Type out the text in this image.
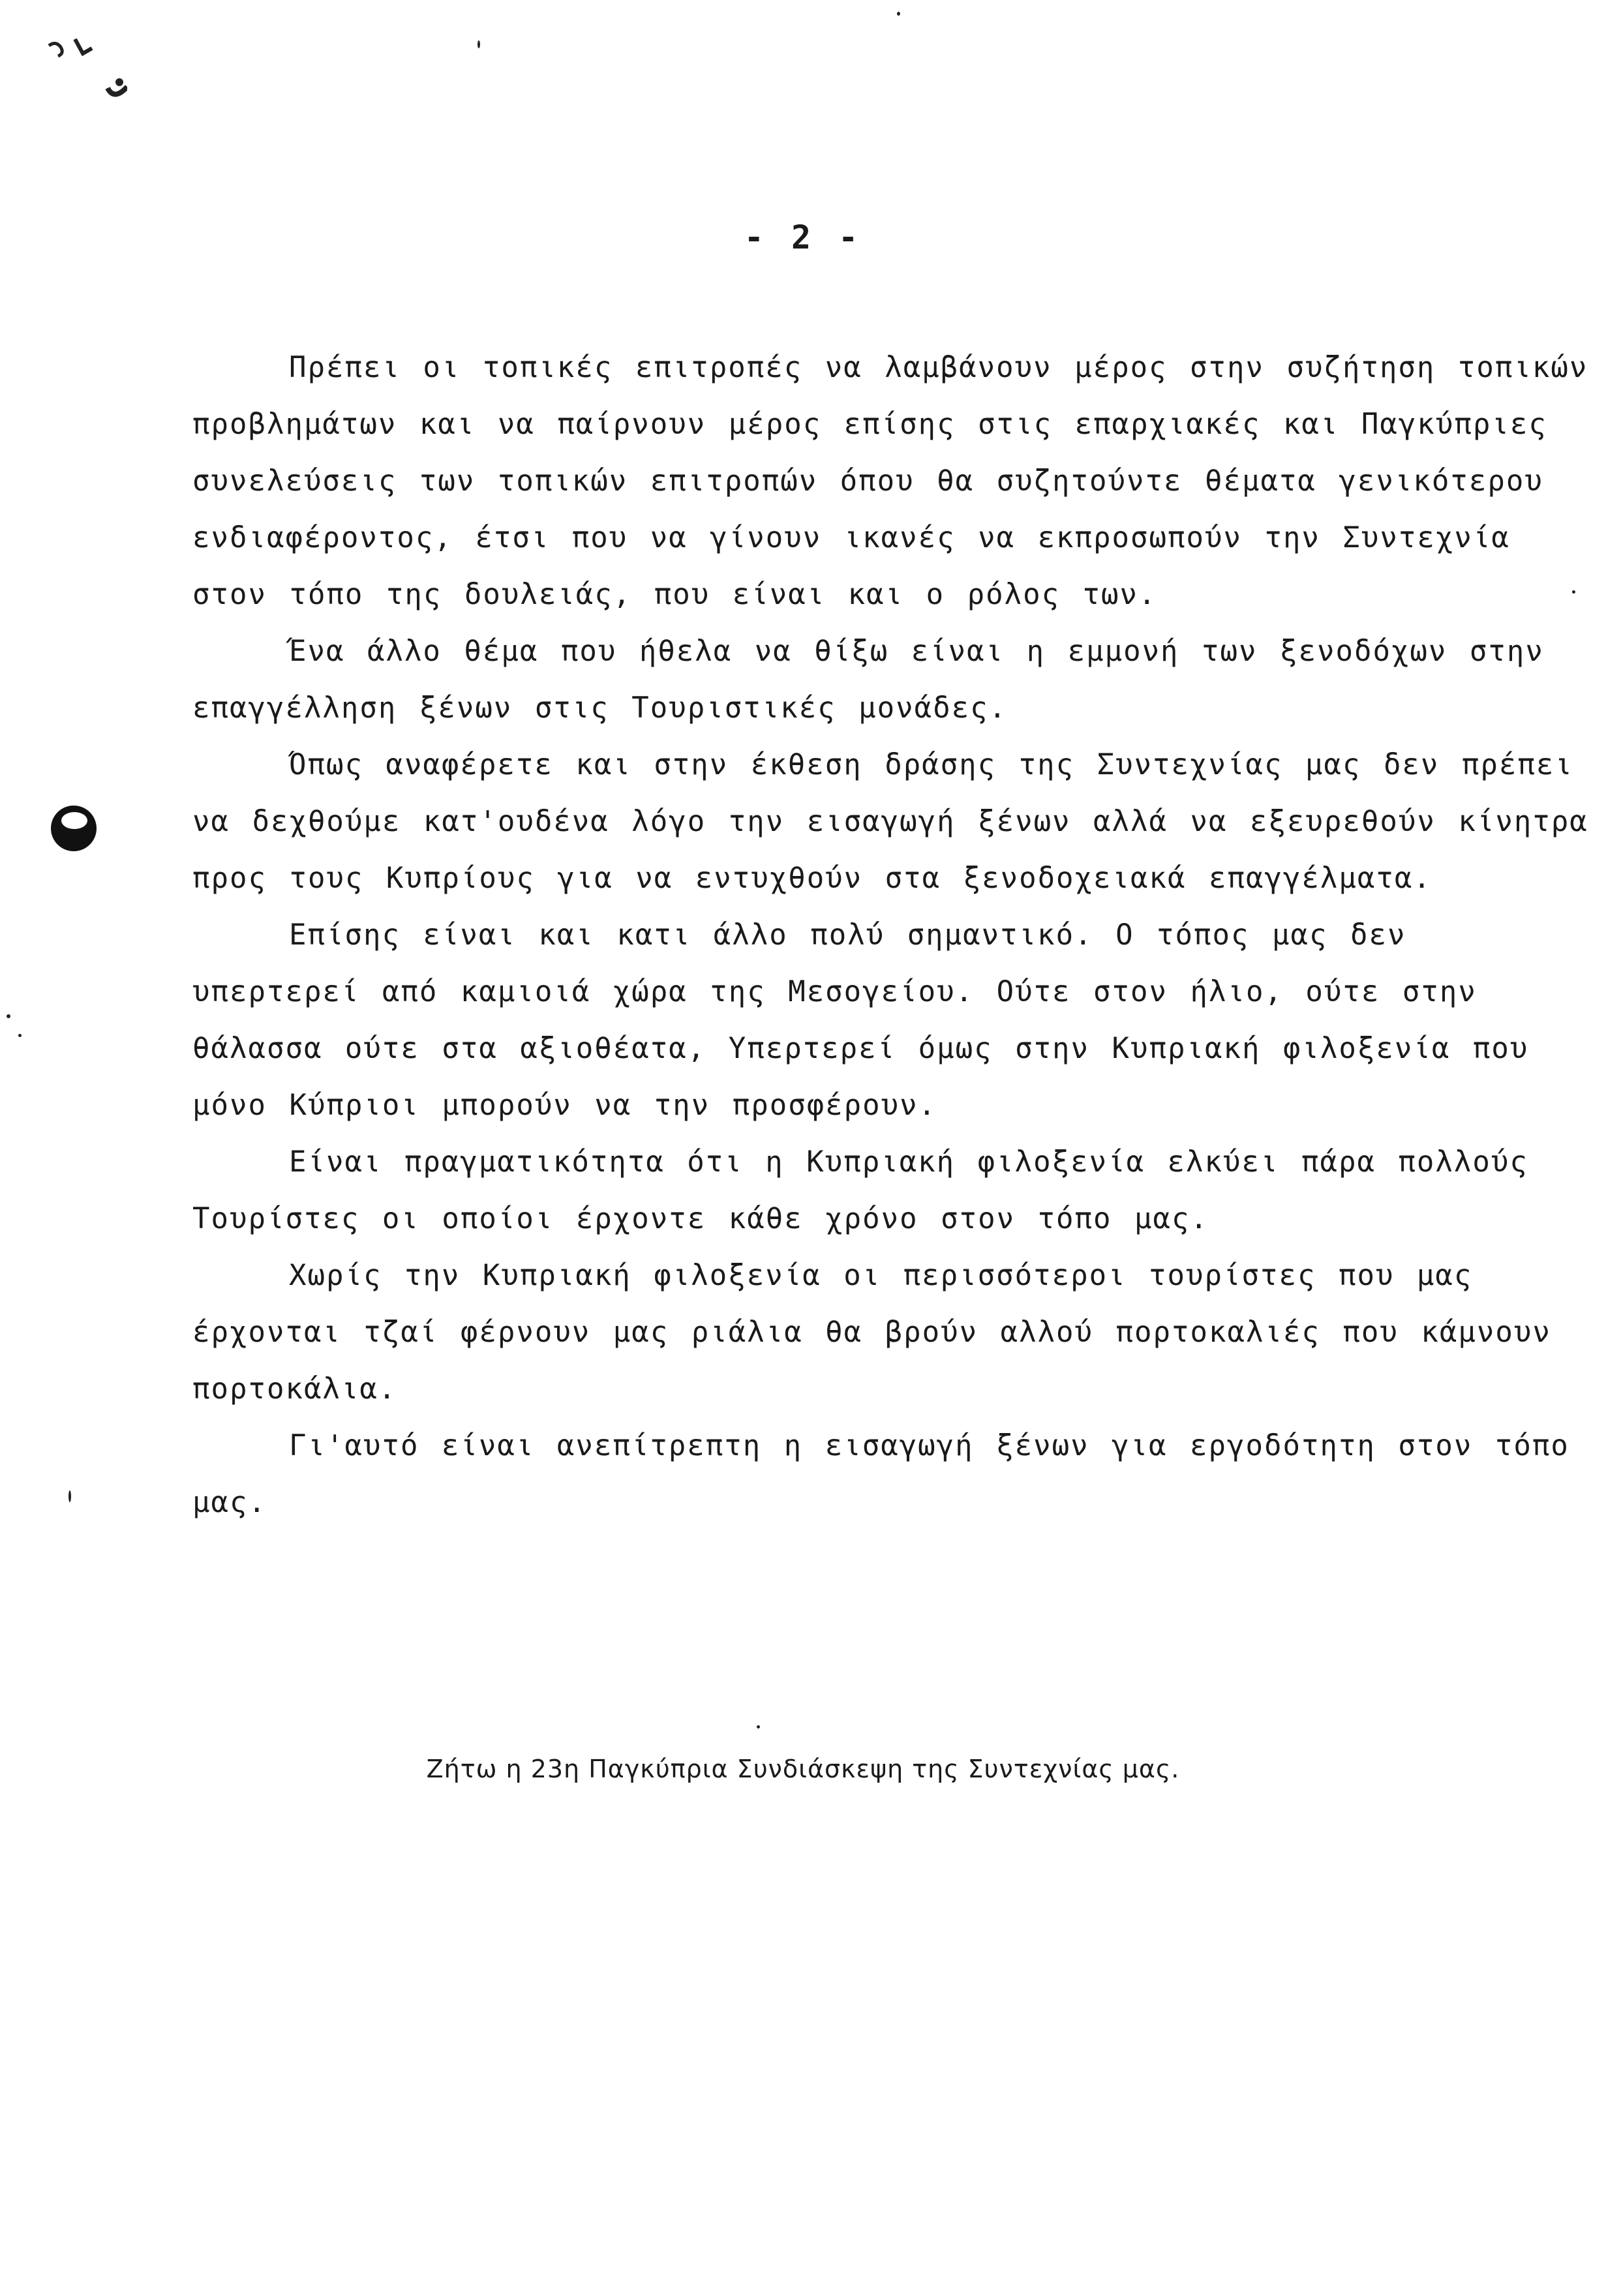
- 2 -

Πρέπει οι τοπικές επιτροπές να λαμβάνουν μέρος στην συζήτηση τοπικών προβλημάτων και να παίρνουν μέρος επίσης στις επαρχιακές και Παγκύπριες συνελεύσεις των τοπικών επιτροπών όπου θα συζητούντε θέματα γενικότερου ενδιαφέροντος, έτσι που να γίνουν ικανές να εκπροσωπούν την Συντεχνία στον τόπο της δουλειάς, που είναι και ο ρόλος των.

Ένα άλλο θέμα που ήθελα να θίξω είναι η εμμονή των ξενοδόχων στην επαγγέλληση ξένων στις Τουριστικές μονάδες.

Όπως αναφέρετε και στην έκθεση δράσης της Συντεχνίας μας δεν πρέπει να δεχθούμε κατ'ουδένα λόγο την εισαγωγή ξένων αλλά να εξευρεθούν κίνητρα προς τους Κυπρίους για να εντυχθούν στα ξενοδοχειακά επαγγέλματα.

Επίσης είναι και κατι άλλο πολύ σημαντικό. Ο τόπος μας δεν υπερτερεί από καμιοιά χώρα της Μεσογείου. Ούτε στον ήλιο, ούτε στην θάλασσα ούτε στα αξιοθέατα, Υπερτερεί όμως στην Κυπριακή φιλοξενία που μόνο Κύπριοι μπορούν να την προσφέρουν.

Είναι πραγματικότητα ότι η Κυπριακή φιλοξενία ελκύει πάρα πολλούς Τουρίστες οι οποίοι έρχοντε κάθε χρόνο στον τόπο μας.

Χωρίς την Κυπριακή φιλοξενία οι περισσότεροι τουρίστες που μας έρχονται τζαί φέρνουν μας ριάλια θα βρούν αλλού πορτοκαλιές που κάμνουν πορτοκάλια.

Γι'αυτό είναι ανεπίτρεπτη η εισαγωγή ξένων για εργοδότητη στον τόπο μας.

Ζήτω η 23η Παγκύπρια Συνδιάσκεψη της Συντεχνίας μας.
